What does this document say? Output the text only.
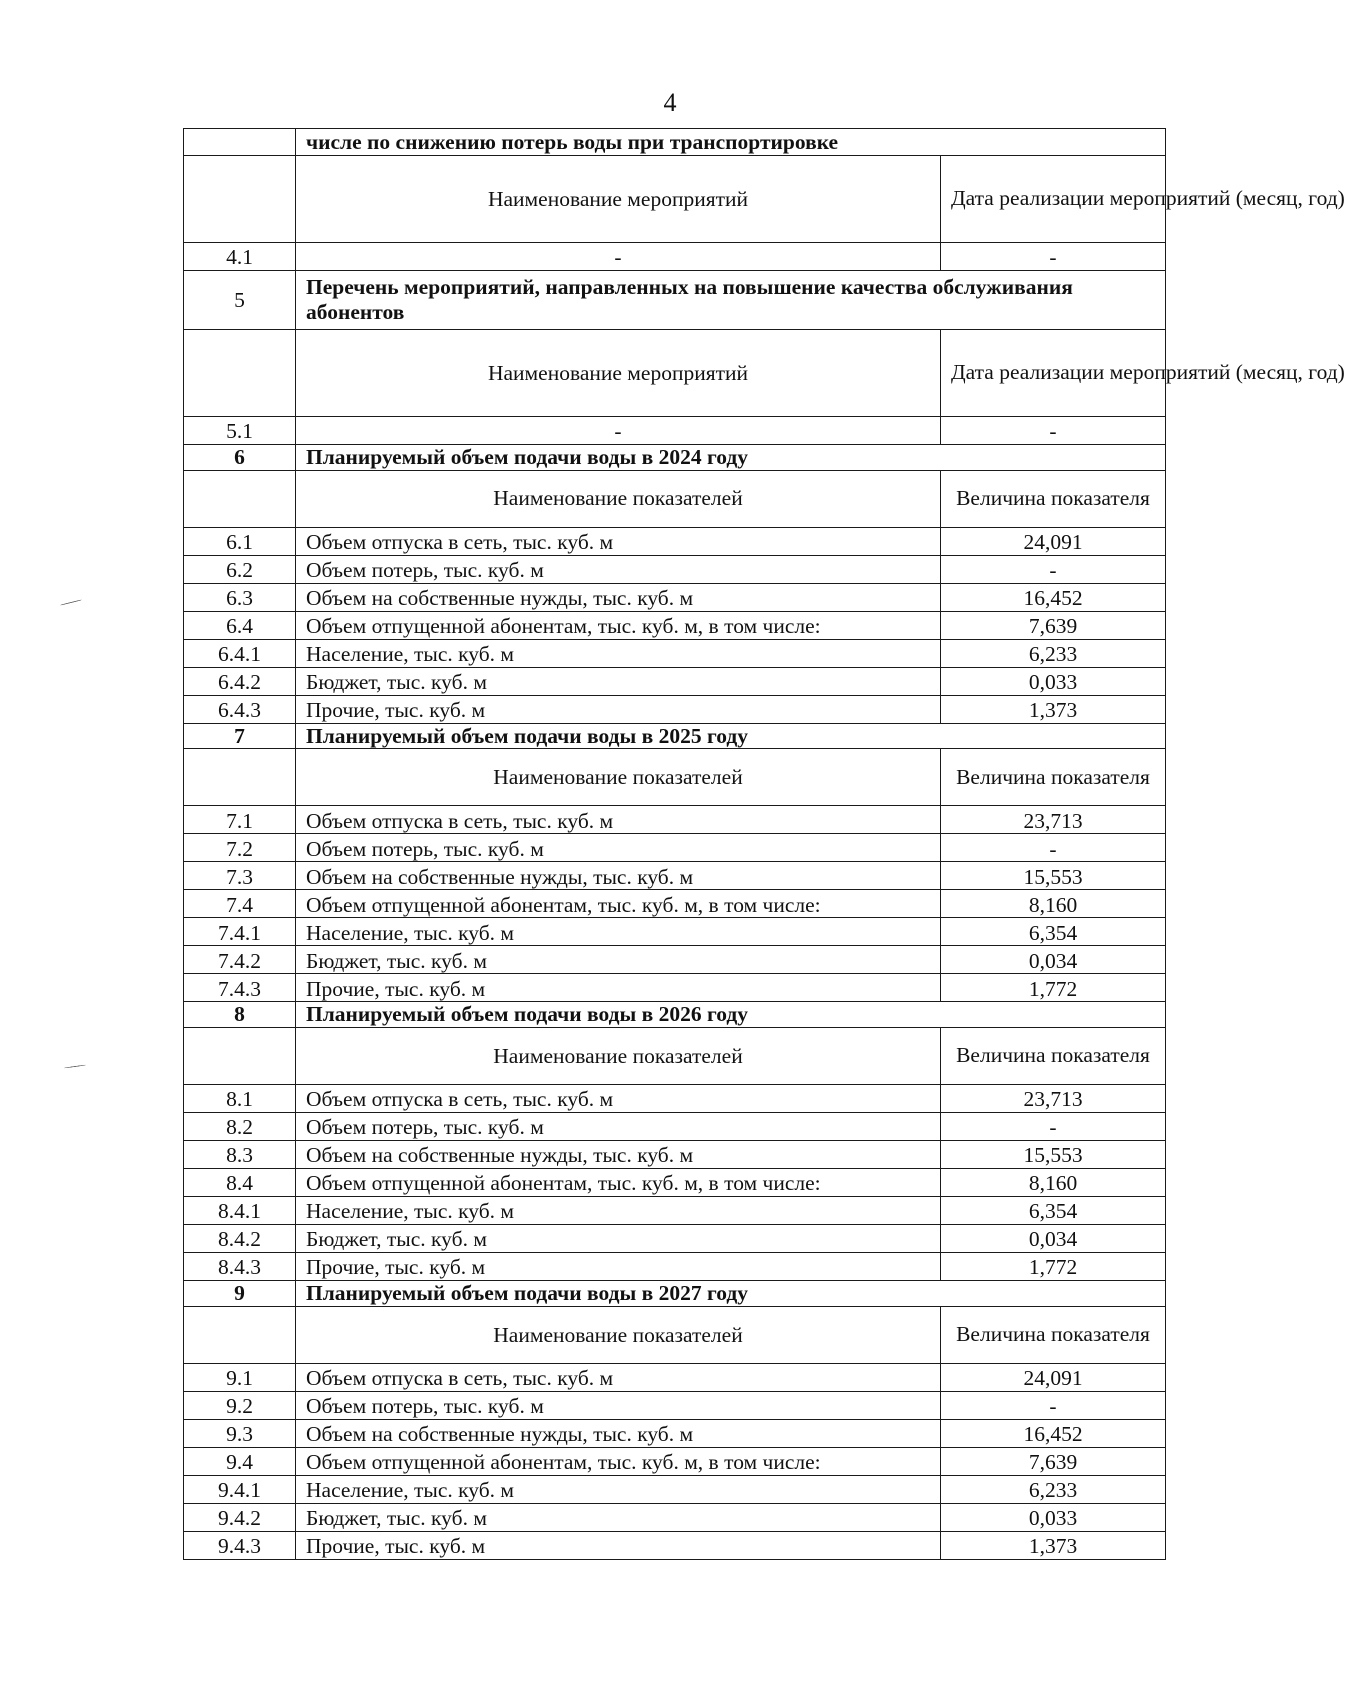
4
	числе по снижению потерь воды при транспортировке	
	Наименование мероприятий	Дата реализации мероприятий (месяц, год)
4.1	-	-
5	Перечень мероприятий, направленных на повышение качества обслуживания абонентов	
	Наименование мероприятий	Дата реализации мероприятий (месяц, год)
5.1	-	-
6	Планируемый объем подачи воды в 2024 году	
	Наименование показателей	Величина показателя
6.1	Объем отпуска в сеть, тыс. куб. м	24,091
6.2	Объем потерь, тыс. куб. м	-
6.3	Объем на собственные нужды, тыс. куб. м	16,452
6.4	Объем отпущенной абонентам, тыс. куб. м, в том числе:	7,639
6.4.1	Население, тыс. куб. м	6,233
6.4.2	Бюджет, тыс. куб. м	0,033
6.4.3	Прочие, тыс. куб. м	1,373
7	Планируемый объем подачи воды в 2025 году	
	Наименование показателей	Величина показателя
7.1	Объем отпуска в сеть, тыс. куб. м	23,713
7.2	Объем потерь, тыс. куб. м	-
7.3	Объем на собственные нужды, тыс. куб. м	15,553
7.4	Объем отпущенной абонентам, тыс. куб. м, в том числе:	8,160
7.4.1	Население, тыс. куб. м	6,354
7.4.2	Бюджет, тыс. куб. м	0,034
7.4.3	Прочие, тыс. куб. м	1,772
8	Планируемый объем подачи воды в 2026 году	
	Наименование показателей	Величина показателя
8.1	Объем отпуска в сеть, тыс. куб. м	23,713
8.2	Объем потерь, тыс. куб. м	-
8.3	Объем на собственные нужды, тыс. куб. м	15,553
8.4	Объем отпущенной абонентам, тыс. куб. м, в том числе:	8,160
8.4.1	Население, тыс. куб. м	6,354
8.4.2	Бюджет, тыс. куб. м	0,034
8.4.3	Прочие, тыс. куб. м	1,772
9	Планируемый объем подачи воды в 2027 году	
	Наименование показателей	Величина показателя
9.1	Объем отпуска в сеть, тыс. куб. м	24,091
9.2	Объем потерь, тыс. куб. м	-
9.3	Объем на собственные нужды, тыс. куб. м	16,452
9.4	Объем отпущенной абонентам, тыс. куб. м, в том числе:	7,639
9.4.1	Население, тыс. куб. м	6,233
9.4.2	Бюджет, тыс. куб. м	0,033
9.4.3	Прочие, тыс. куб. м	1,373
